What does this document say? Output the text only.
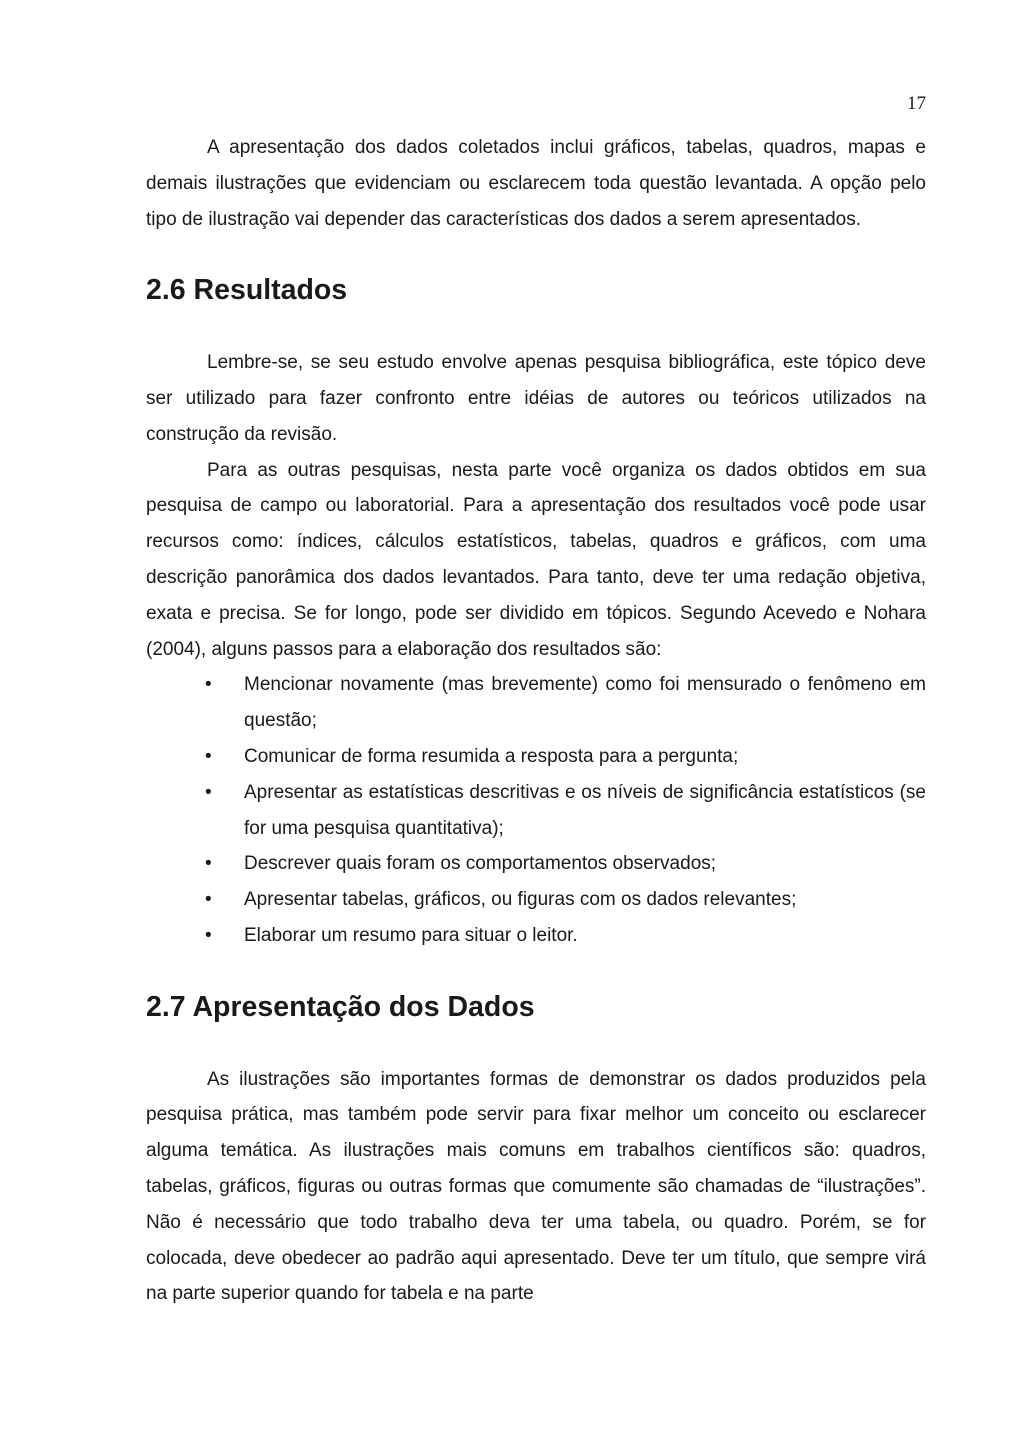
17

A apresentação dos dados coletados inclui gráficos, tabelas, quadros, mapas e demais ilustrações que evidenciam ou esclarecem toda questão levantada. A opção pelo tipo de ilustração vai depender das características dos dados a serem apresentados.

2.6 Resultados

Lembre-se, se seu estudo envolve apenas pesquisa bibliográfica, este tópico deve ser utilizado para fazer confronto entre idéias de autores ou teóricos utilizados na construção da revisão.

Para as outras pesquisas, nesta parte você organiza os dados obtidos em sua pesquisa de campo ou laboratorial. Para a apresentação dos resultados você pode usar recursos como: índices, cálculos estatísticos, tabelas, quadros e gráficos, com uma descrição panorâmica dos dados levantados. Para tanto, deve ter uma redação objetiva, exata e precisa. Se for longo, pode ser dividido em tópicos. Segundo Acevedo e Nohara (2004), alguns passos para a elaboração dos resultados são:

• Mencionar novamente (mas brevemente) como foi mensurado o fenômeno em questão;
• Comunicar de forma resumida a resposta para a pergunta;
• Apresentar as estatísticas descritivas e os níveis de significância estatísticos (se for uma pesquisa quantitativa);
• Descrever quais foram os comportamentos observados;
• Apresentar tabelas, gráficos, ou figuras com os dados relevantes;
• Elaborar um resumo para situar o leitor.
2.7 Apresentação dos Dados

As ilustrações são importantes formas de demonstrar os dados produzidos pela pesquisa prática, mas também pode servir para fixar melhor um conceito ou esclarecer alguma temática. As ilustrações mais comuns em trabalhos científicos são: quadros, tabelas, gráficos, figuras ou outras formas que comumente são chamadas de “ilustrações”. Não é necessário que todo trabalho deva ter uma tabela, ou quadro. Porém, se for colocada, deve obedecer ao padrão aqui apresentado. Deve ter um título, que sempre virá na parte superior quando for tabela e na parte
